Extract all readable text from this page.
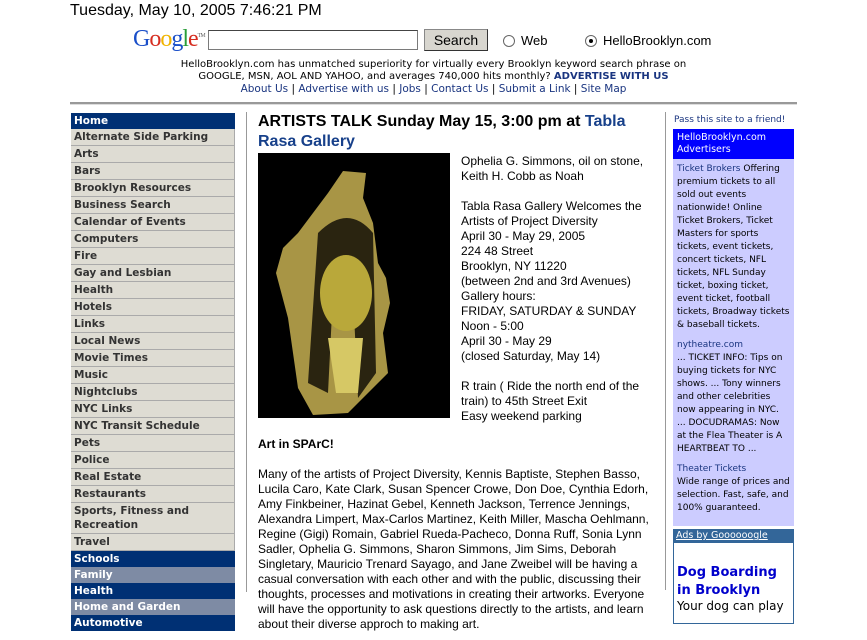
Tuesday, May 10, 2005 7:46:21 PM
Google™	Search	Web	HelloBrooklyn.com
HelloBrooklyn.com has unmatched superiority for virtually every Brooklyn keyword search phrase on
GOOGLE, MSN, AOL AND YAHOO, and averages 740,000 hits monthly? ADVERTISE WITH US
About Us | Advertise with us | Jobs | Contact Us | Submit a Link | Site Map
Home
Alternate Side Parking
Arts
Bars
Brooklyn Resources
Business Search
Calendar of Events
Computers
Fire
Gay and Lesbian
Health
Hotels
Links
Local News
Movie Times
Music
Nightclubs
NYC Links
NYC Transit Schedule
Pets
Police
Real Estate
Restaurants
Sports, Fitness and Recreation
Travel
Schools
Family
Health
Home and Garden
Automotive
ARTISTS TALK Sunday May 15, 3:00 pm at Tabla Rasa Gallery
Ophelia G. Simmons, oil on stone,
Keith H. Cobb as Noah
Tabla Rasa Gallery Welcomes the
Artists of Project Diversity
April 30 - May 29, 2005
224 48 Street
Brooklyn, NY 11220
(between 2nd and 3rd Avenues)
Gallery hours:
FRIDAY, SATURDAY & SUNDAY
Noon - 5:00
April 30 - May 29
(closed Saturday, May 14)
R train ( Ride the north end of the
train) to 45th Street Exit
Easy weekend parking
Art in SPArC!
Many of the artists of Project Diversity, Kennis Baptiste, Stephen Basso, Lucila Caro, Kate Clark, Susan Spencer Crowe, Don Doe, Cynthia Edorh, Amy Finkbeiner, Hazinat Gebel, Kenneth Jackson, Terrence Jennings, Alexandra Limpert, Max-Carlos Martinez, Keith Miller, Mascha Oehlmann, Regine (Gigi) Romain, Gabriel Rueda-Pacheco, Donna Ruff, Sonia Lynn Sadler, Ophelia G. Simmons, Sharon Simmons, Jim Sims, Deborah Singletary, Mauricio Trenard Sayago, and Jane Zweibel will be having a casual conversation with each other and with the public, discussing their thoughts, processes and motivations in creating their artworks. Everyone will have the opportunity to ask questions directly to the artists, and learn about their diverse approch to making art.
Pass this site to a friend!
HelloBrooklyn.com Advertisers

Ticket Brokers Offering premium tickets to all sold out events nationwide! Online Ticket Brokers, Ticket Masters for sports tickets, event tickets, concert tickets, NFL tickets, NFL Sunday ticket, boxing ticket, event ticket, football tickets, Broadway tickets & baseball tickets.

nytheatre.com
... TICKET INFO: Tips on buying tickets for NYC shows. ... Tony winners and other celebrities now appearing in NYC. ... DOCUDRAMAS: Now at the Flea Theater is A HEARTBEAT TO ...

Theater Tickets
Wide range of prices and selection. Fast, safe, and 100% guaranteed.

Ads by Goooooogle
Dog Boarding in Brooklyn
Your dog can play
